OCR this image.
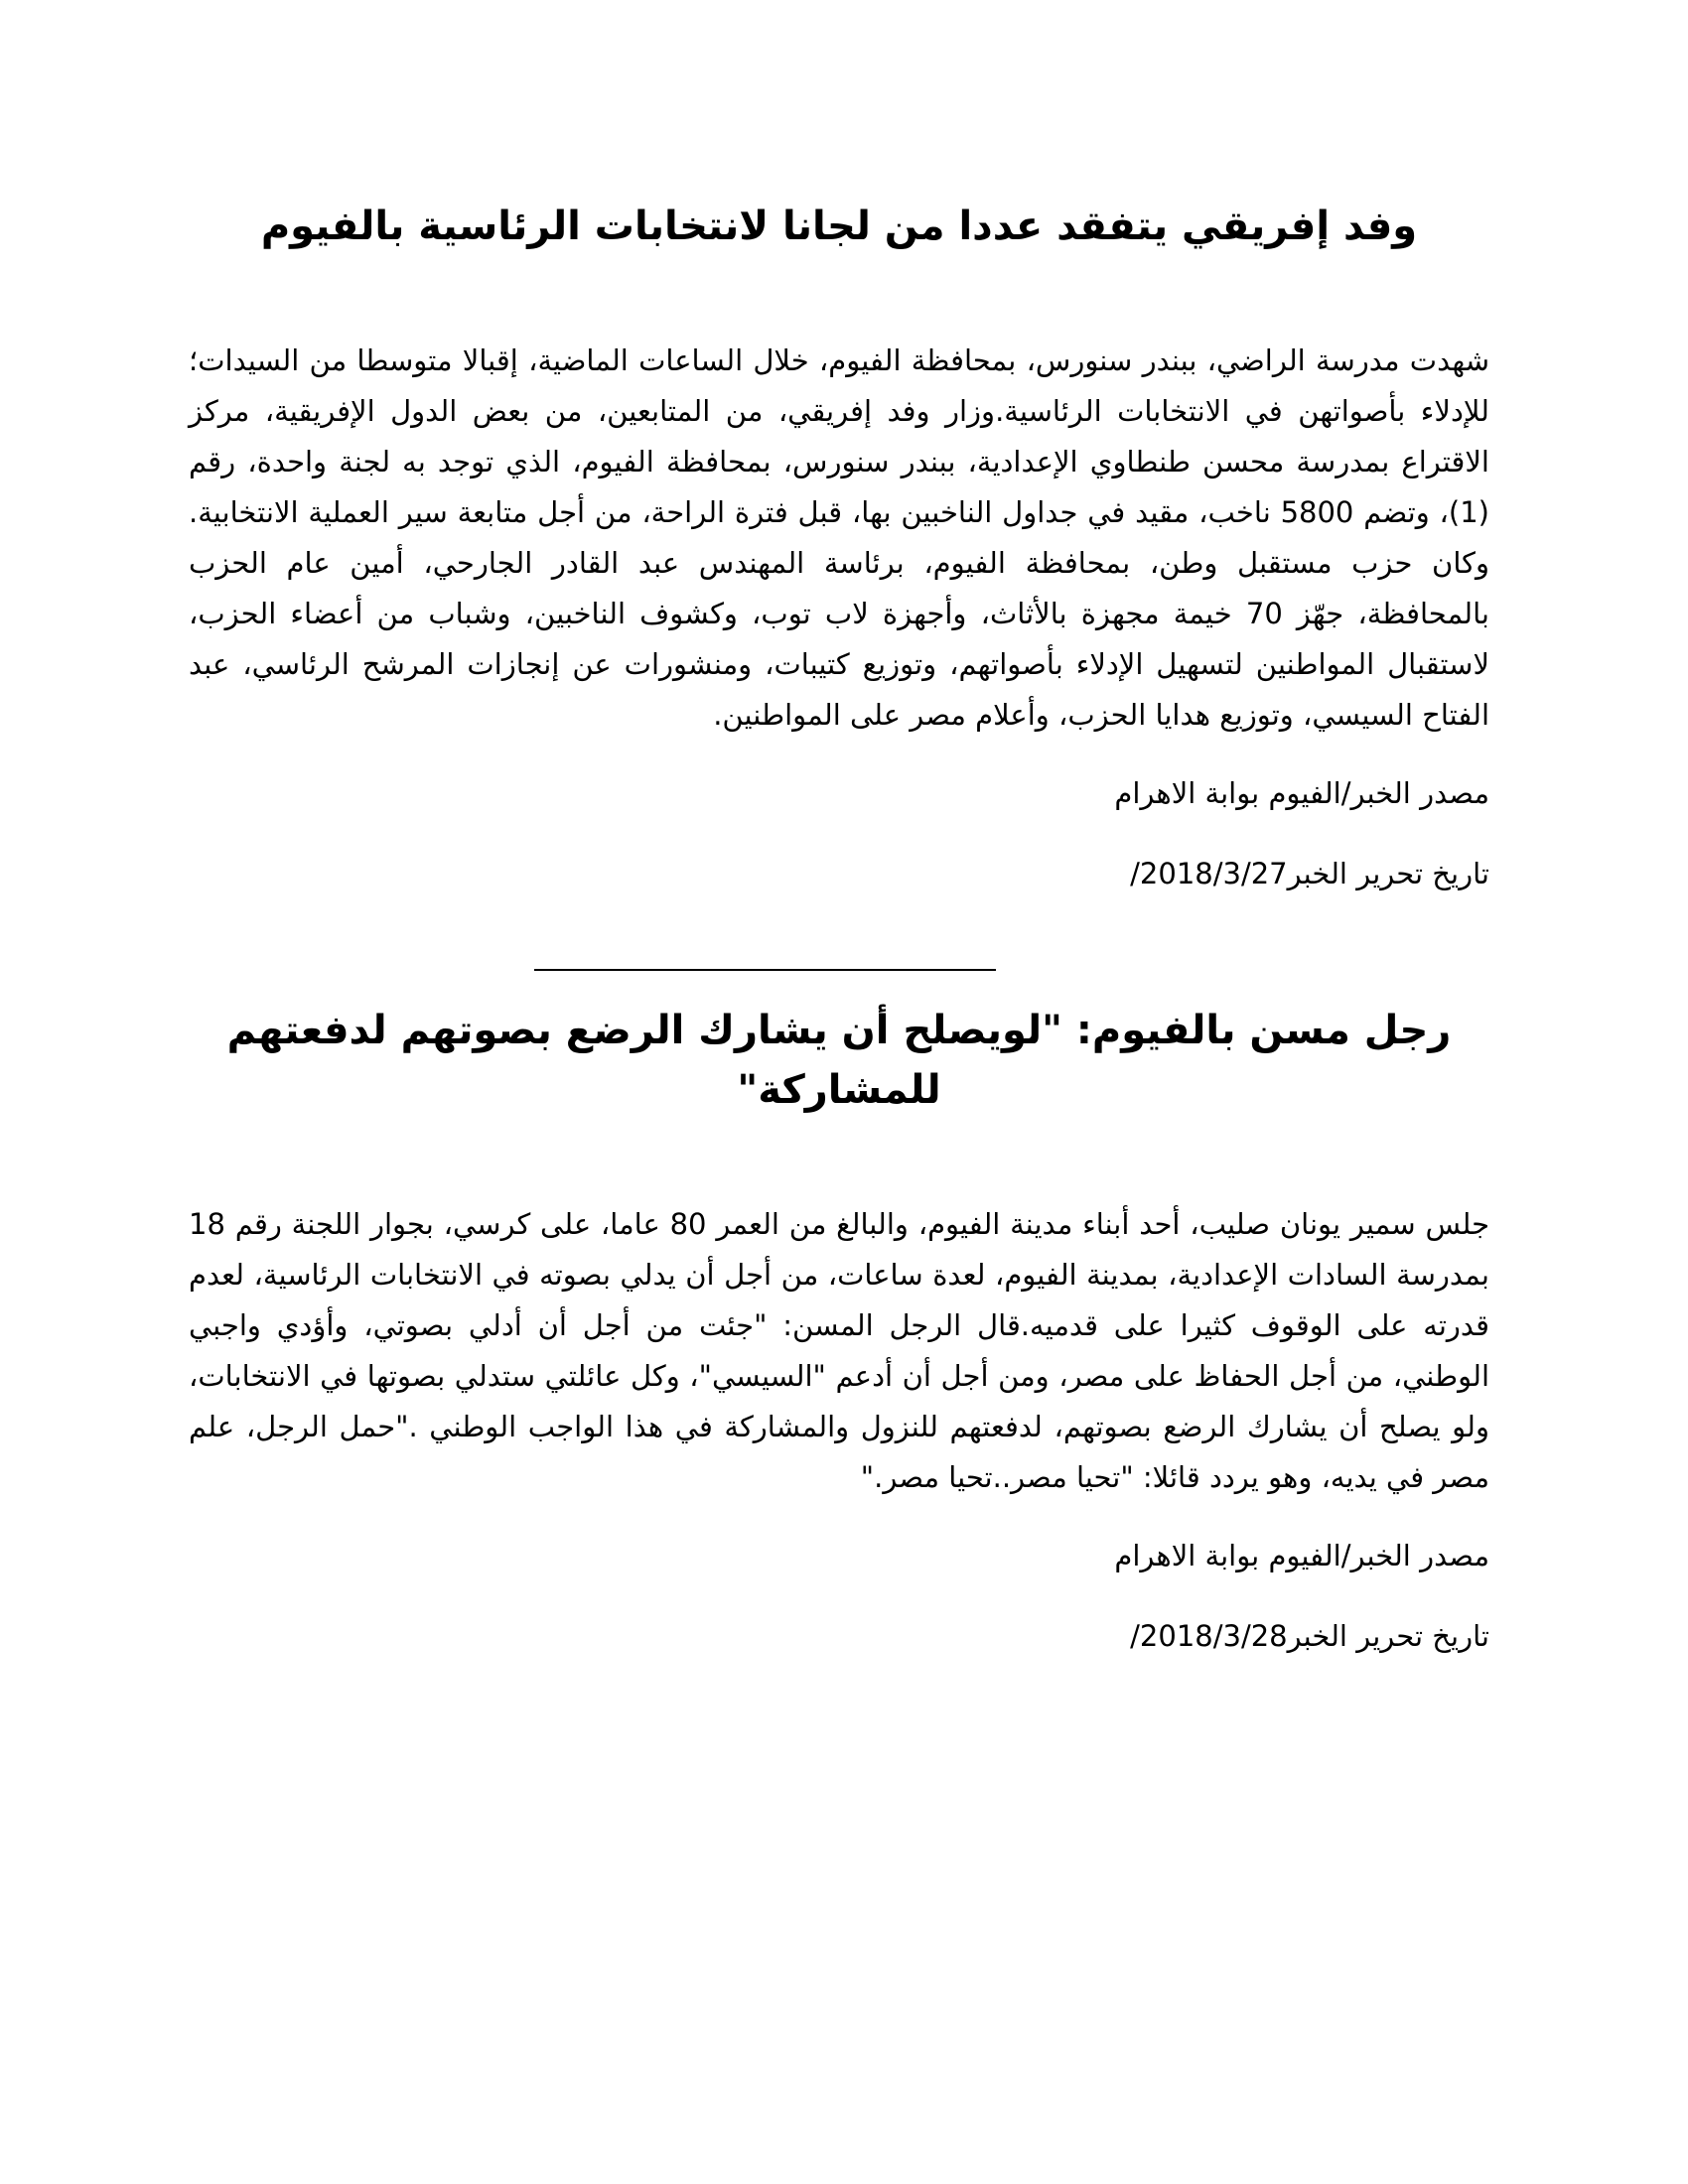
وفد إفريقي يتفقد عددا من لجانا لانتخابات الرئاسية بالفيوم

شهدت مدرسة الراضي، ببندر سنورس، بمحافظة الفيوم، خلال الساعات الماضية، إقبالا متوسطا من السيدات؛ للإدلاء بأصواتهن في الانتخابات الرئاسية.وزار وفد إفريقي، من المتابعين، من بعض الدول الإفريقية، مركز الاقتراع بمدرسة محسن طنطاوي الإعدادية، ببندر سنورس، بمحافظة الفيوم، الذي توجد به لجنة واحدة، رقم (1)، وتضم 5800 ناخب، مقيد في جداول الناخبين بها، قبل فترة الراحة، من أجل متابعة سير العملية الانتخابية. وكان حزب مستقبل وطن، بمحافظة الفيوم، برئاسة المهندس عبد القادر الجارحي، أمين عام الحزب بالمحافظة، جهّز 70 خيمة مجهزة بالأثاث، وأجهزة لاب توب، وكشوف الناخبين، وشباب من أعضاء الحزب، لاستقبال المواطنين لتسهيل الإدلاء بأصواتهم، وتوزيع كتيبات، ومنشورات عن إنجازات المرشح الرئاسي، عبد الفتاح السيسي، وتوزيع هدايا الحزب، وأعلام مصر على المواطنين.

مصدر الخبر/الفيوم بوابة الاهرام

تاريخ تحرير الخبر2018/3/27/

رجل مسن بالفيوم: "لويصلح أن يشارك الرضع بصوتهم لدفعتهم للمشاركة"

جلس سمير يونان صليب، أحد أبناء مدينة الفيوم، والبالغ من العمر 80 عاما، على كرسي، بجوار اللجنة رقم 18 بمدرسة السادات الإعدادية، بمدينة الفيوم، لعدة ساعات، من أجل أن يدلي بصوته في الانتخابات الرئاسية، لعدم قدرته على الوقوف كثيرا على قدميه.قال الرجل المسن: "جئت من أجل أن أدلي بصوتي، وأؤدي واجبي الوطني، من أجل الحفاظ على مصر، ومن أجل أن أدعم "السيسي"، وكل عائلتي ستدلي بصوتها في الانتخابات، ولو يصلح أن يشارك الرضع بصوتهم، لدفعتهم للنزول والمشاركة في هذا الواجب الوطني ."حمل الرجل، علم مصر في يديه، وهو يردد قائلا: "تحيا مصر..تحيا مصر."

مصدر الخبر/الفيوم بوابة الاهرام

تاريخ تحرير الخبر2018/3/28/
